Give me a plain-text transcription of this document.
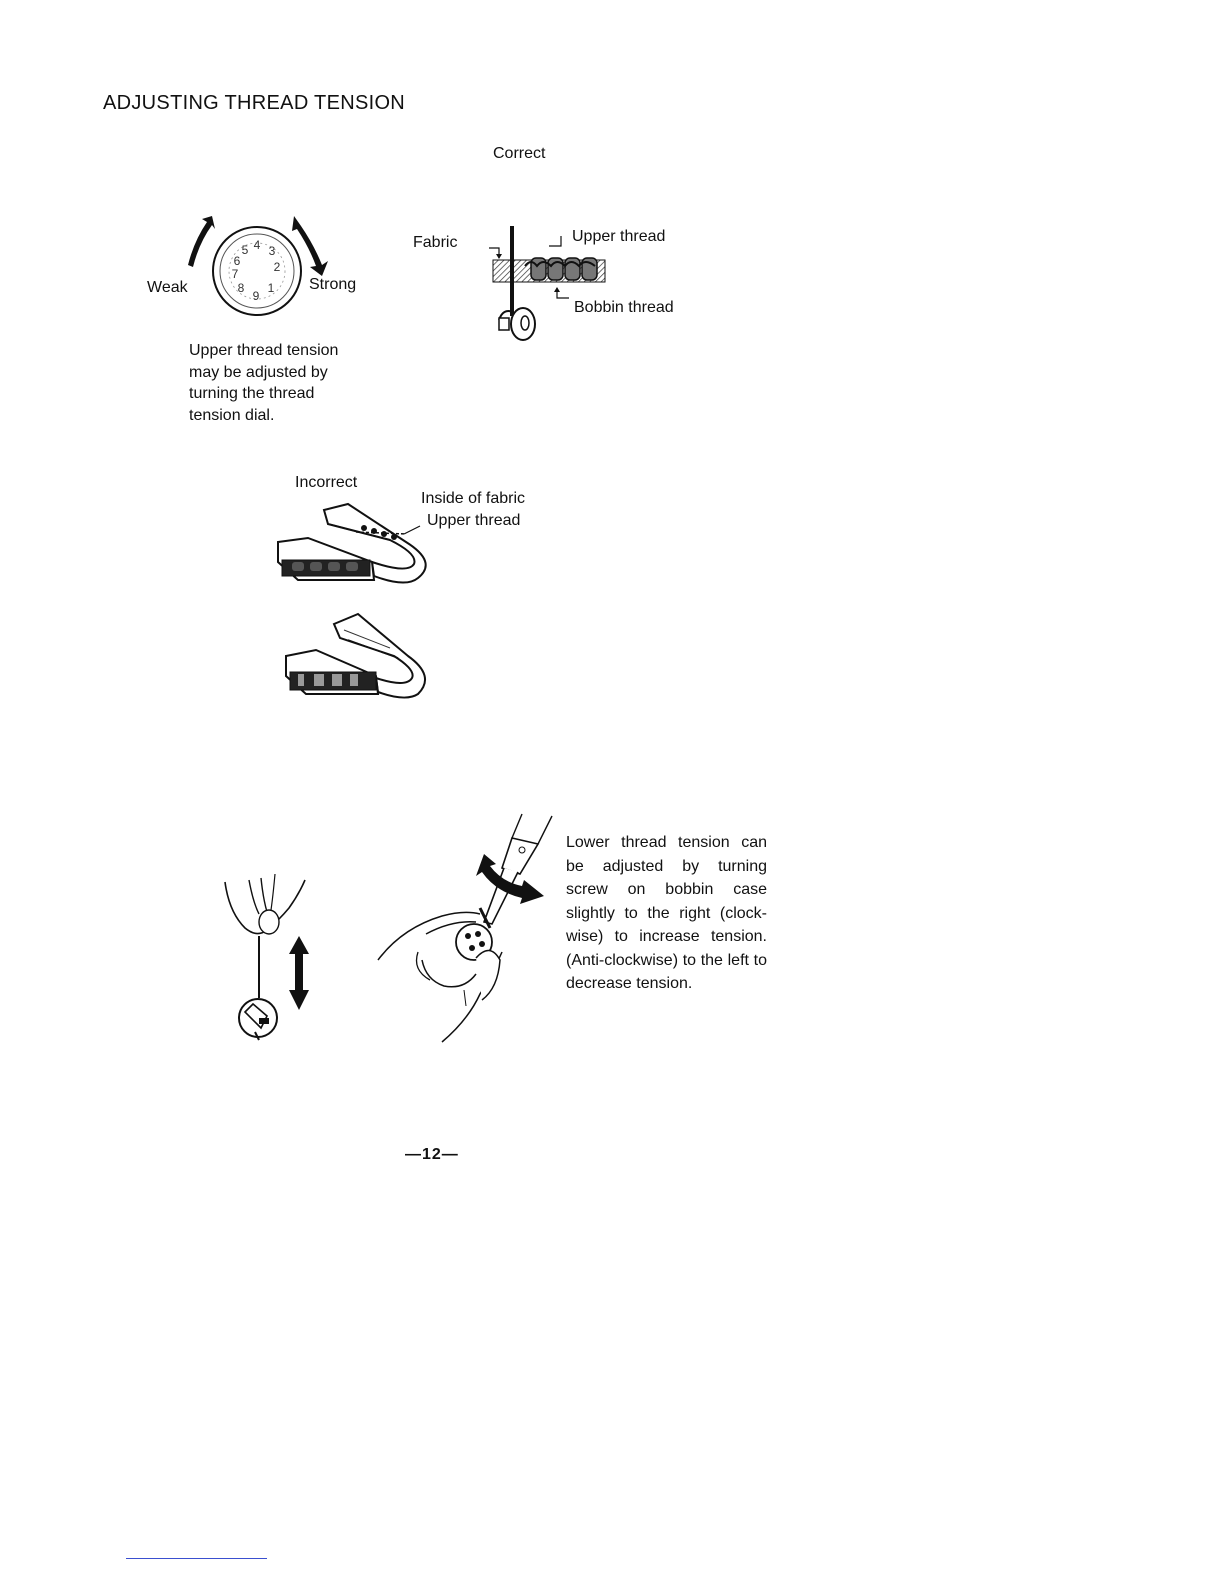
ADJUSTING THREAD TENSION
4
5
6
7
8
9
1
2
3
Weak	Strong
Upper thread tension
may be adjusted by
turning the thread
tension dial.
Correct
Fabric	Upper thread
Bobbin thread
Incorrect
Inside of fabric
Upper thread
Lower thread tension can be adjusted by turning screw on bobbin case slightly to the right (clock-wise) to increase tension. (Anti-clockwise) to the left to decrease tension.
—12—
